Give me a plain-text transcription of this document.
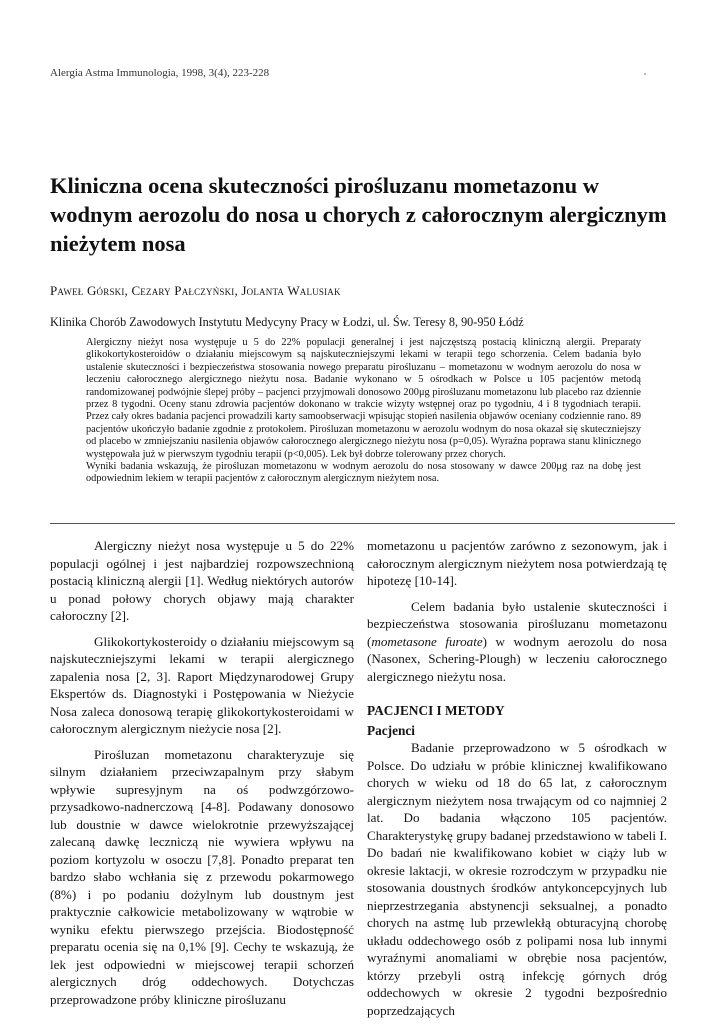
Alergia Astma Immunologia, 1998, 3(4), 223-228
Kliniczna ocena skuteczności pirośluzanu mometazonu w wodnym aerozolu do nosa u chorych z całorocznym alergicznym nieżytem nosa
Paweł Górski, Cezary Pałczyński, Jolanta Walusiak
Klinika Chorób Zawodowych Instytutu Medycyny Pracy w Łodzi, ul. Św. Teresy 8, 90-950 Łódź

Alergiczny nieżyt nosa występuje u 5 do 22% populacji generalnej i jest najczęstszą postacią kliniczną alergii. Preparaty glikokortykosteroidów o działaniu miejscowym są najskuteczniejszymi lekami w terapii tego schorzenia. Celem badania było ustalenie skuteczności i bezpieczeństwa stosowania nowego preparatu pirośluzanu – mometazonu w wodnym aerozolu do nosa w leczeniu całorocznego alergicznego nieżytu nosa. Badanie wykonano w 5 ośrodkach w Polsce u 105 pacjentów metodą randomizowanej podwójnie ślepej próby – pacjenci przyjmowali donosowo 200μg pirośluzanu mometazonu lub placebo raz dziennie przez 8 tygodni. Oceny stanu zdrowia pacjentów dokonano w trakcie wizyty wstępnej oraz po tygodniu, 4 i 8 tygodniach terapii. Przez cały okres badania pacjenci prowadzili karty samoobserwacji wpisując stopień nasilenia objawów oceniany codziennie rano. 89 pacjentów ukończyło badanie zgodnie z protokołem. Pirośluzan mometazonu w aerozolu wodnym do nosa okazał się skuteczniejszy od placebo w zmniejszaniu nasilenia objawów całorocznego alergicznego nieżytu nosa (p=0,05). Wyraźna poprawa stanu klinicznego występowała już w pierwszym tygodniu terapii (p<0,005). Lek był dobrze tolerowany przez chorych.

Wyniki badania wskazują, że pirośluzan mometazonu w wodnym aerozolu do nosa stosowany w dawce 200μg raz na dobę jest odpowiednim lekiem w terapii pacjentów z całorocznym alergicznym nieżytem nosa.

Alergiczny nieżyt nosa występuje u 5 do 22% populacji ogólnej i jest najbardziej rozpowszechnioną postacią kliniczną alergii [1]. Według niektórych autorów u ponad połowy chorych objawy mają charakter całoroczny [2].

Glikokortykosteroidy o działaniu miejscowym są najskuteczniejszymi lekami w terapii alergicznego zapalenia nosa [2, 3]. Raport Międzynarodowej Grupy Ekspertów ds. Diagnostyki i Postępowania w Nieżycie Nosa zaleca donosową terapię glikokortykosteroidami w całorocznym alergicznym nieżycie nosa [2].

Pirośluzan mometazonu charakteryzuje się silnym działaniem przeciwzapalnym przy słabym wpływie supresyjnym na oś podwzgórzowo-przysadkowo-nadnerczową [4-8]. Podawany donosowo lub doustnie w dawce wielokrotnie przewyższającej zalecaną dawkę leczniczą nie wywiera wpływu na poziom kortyzolu w osoczu [7,8]. Ponadto preparat ten bardzo słabo wchłania się z przewodu pokarmowego (8%) i po podaniu dożylnym lub doustnym jest praktycznie całkowicie metabolizowany w wątrobie w wyniku efektu pierwszego przejścia. Biodostępność preparatu ocenia się na 0,1% [9]. Cechy te wskazują, że lek jest odpowiedni w miejscowej terapii schorzeń alergicznych dróg oddechowych. Dotychczas przeprowadzone próby kliniczne pirośluzanu

mometazonu u pacjentów zarówno z sezonowym, jak i całorocznym alergicznym nieżytem nosa potwierdzają tę hipotezę [10-14].

Celem badania było ustalenie skuteczności i bezpieczeństwa stosowania pirośluzanu mometazonu (mometasone furoate) w wodnym aerozolu do nosa (Nasonex, Schering-Plough) w leczeniu całorocznego alergicznego nieżytu nosa.

PACJENCI I METODY
Pacjenci

Badanie przeprowadzono w 5 ośrodkach w Polsce. Do udziału w próbie klinicznej kwalifikowano chorych w wieku od 18 do 65 lat, z całorocznym alergicznym nieżytem nosa trwającym od co najmniej 2 lat. Do badania włączono 105 pacjentów. Charakterystykę grupy badanej przedstawiono w tabeli I. Do badań nie kwalifikowano kobiet w ciąży lub w okresie laktacji, w okresie rozrodczym w przypadku nie stosowania doustnych środków antykoncepcyjnych lub nieprzestrzegania abstynencji seksualnej, a ponadto chorych na astmę lub przewlekłą obturacyjną chorobę układu oddechowego osób z polipami nosa lub innymi wyraźnymi anomaliami w obrębie nosa pacjentów, którzy przebyli ostrą infekcję górnych dróg oddechowych w okresie 2 tygodni bezpośrednio poprzedzających
